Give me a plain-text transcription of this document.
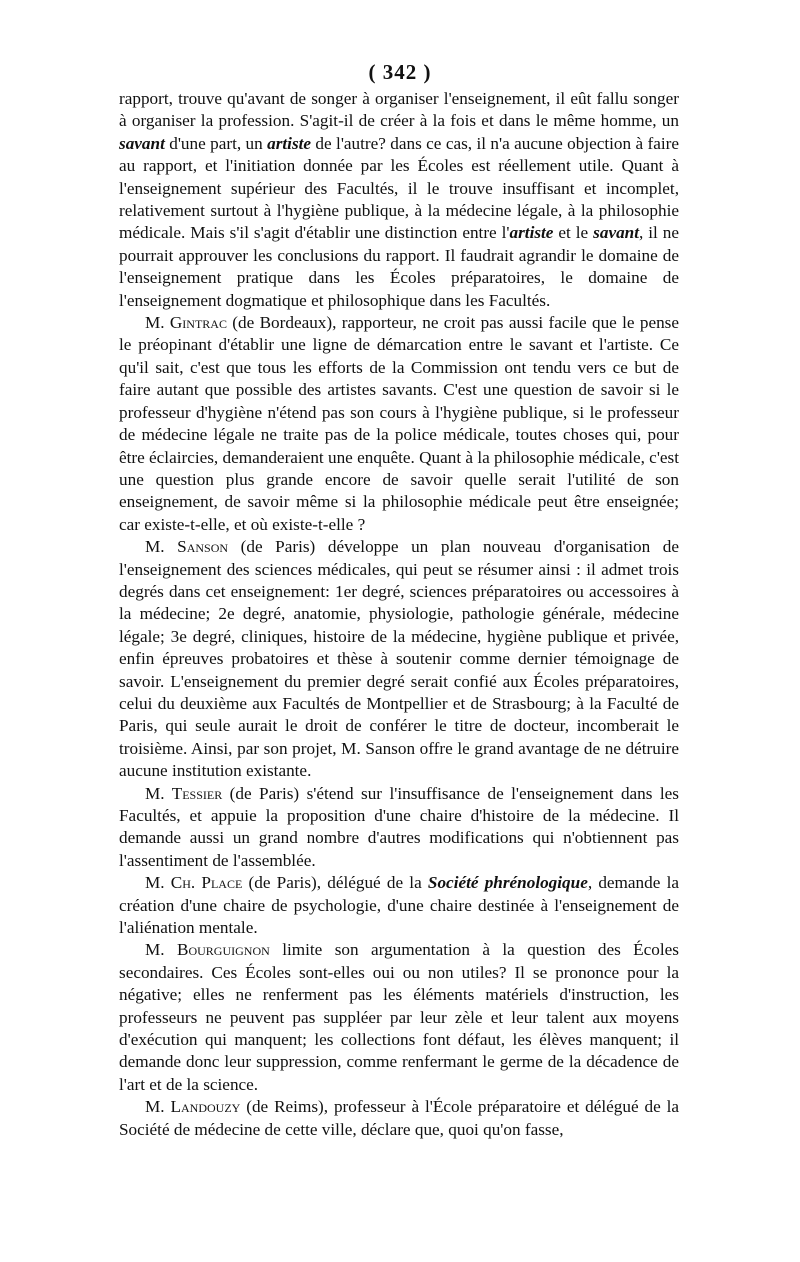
( 342 )

rapport, trouve qu'avant de songer à organiser l'enseignement, il eût fallu songer à organiser la profession. S'agit-il de créer à la fois et dans le même homme, un savant d'une part, un artiste de l'autre? dans ce cas, il n'a aucune objection à faire au rapport, et l'initiation donnée par les Écoles est réellement utile. Quant à l'enseignement supérieur des Facultés, il le trouve insuffisant et incomplet, relativement surtout à l'hygiène publique, à la médecine légale, à la philosophie médicale. Mais s'il s'agit d'établir une distinction entre l'artiste et le savant, il ne pourrait approuver les conclusions du rapport. Il faudrait agrandir le domaine de l'enseignement pratique dans les Écoles préparatoires, le domaine de l'enseignement dogmatique et philosophique dans les Facultés.

M. Gintrac (de Bordeaux), rapporteur, ne croit pas aussi facile que le pense le préopinant d'établir une ligne de démarcation entre le savant et l'artiste. Ce qu'il sait, c'est que tous les efforts de la Commission ont tendu vers ce but de faire autant que possible des artistes savants. C'est une question de savoir si le professeur d'hygiène n'étend pas son cours à l'hygiène publique, si le professeur de médecine légale ne traite pas de la police médicale, toutes choses qui, pour être éclaircies, demanderaient une enquête. Quant à la philosophie médicale, c'est une question plus grande encore de savoir quelle serait l'utilité de son enseignement, de savoir même si la philosophie médicale peut être enseignée; car existe-t-elle, et où existe-t-elle ?

M. Sanson (de Paris) développe un plan nouveau d'organisation de l'enseignement des sciences médicales, qui peut se résumer ainsi : il admet trois degrés dans cet enseignement: 1er degré, sciences préparatoires ou accessoires à la médecine; 2e degré, anatomie, physiologie, pathologie générale, médecine légale; 3e degré, cliniques, histoire de la médecine, hygiène publique et privée, enfin épreuves probatoires et thèse à soutenir comme dernier témoignage de savoir. L'enseignement du premier degré serait confié aux Écoles préparatoires, celui du deuxième aux Facultés de Montpellier et de Strasbourg; à la Faculté de Paris, qui seule aurait le droit de conférer le titre de docteur, incomberait le troisième. Ainsi, par son projet, M. Sanson offre le grand avantage de ne détruire aucune institution existante.

M. Tessier (de Paris) s'étend sur l'insuffisance de l'enseignement dans les Facultés, et appuie la proposition d'une chaire d'histoire de la médecine. Il demande aussi un grand nombre d'autres modifications qui n'obtiennent pas l'assentiment de l'assemblée.

M. Ch. Place (de Paris), délégué de la Société phrénologique, demande la création d'une chaire de psychologie, d'une chaire destinée à l'enseignement de l'aliénation mentale.

M. Bourguignon limite son argumentation à la question des Écoles secondaires. Ces Écoles sont-elles oui ou non utiles? Il se prononce pour la négative; elles ne renferment pas les éléments matériels d'instruction, les professeurs ne peuvent pas suppléer par leur zèle et leur talent aux moyens d'exécution qui manquent; les collections font défaut, les élèves manquent; il demande donc leur suppression, comme renfermant le germe de la décadence de l'art et de la science.

M. Landouzy (de Reims), professeur à l'École préparatoire et délégué de la Société de médecine de cette ville, déclare que, quoi qu'on fasse,
